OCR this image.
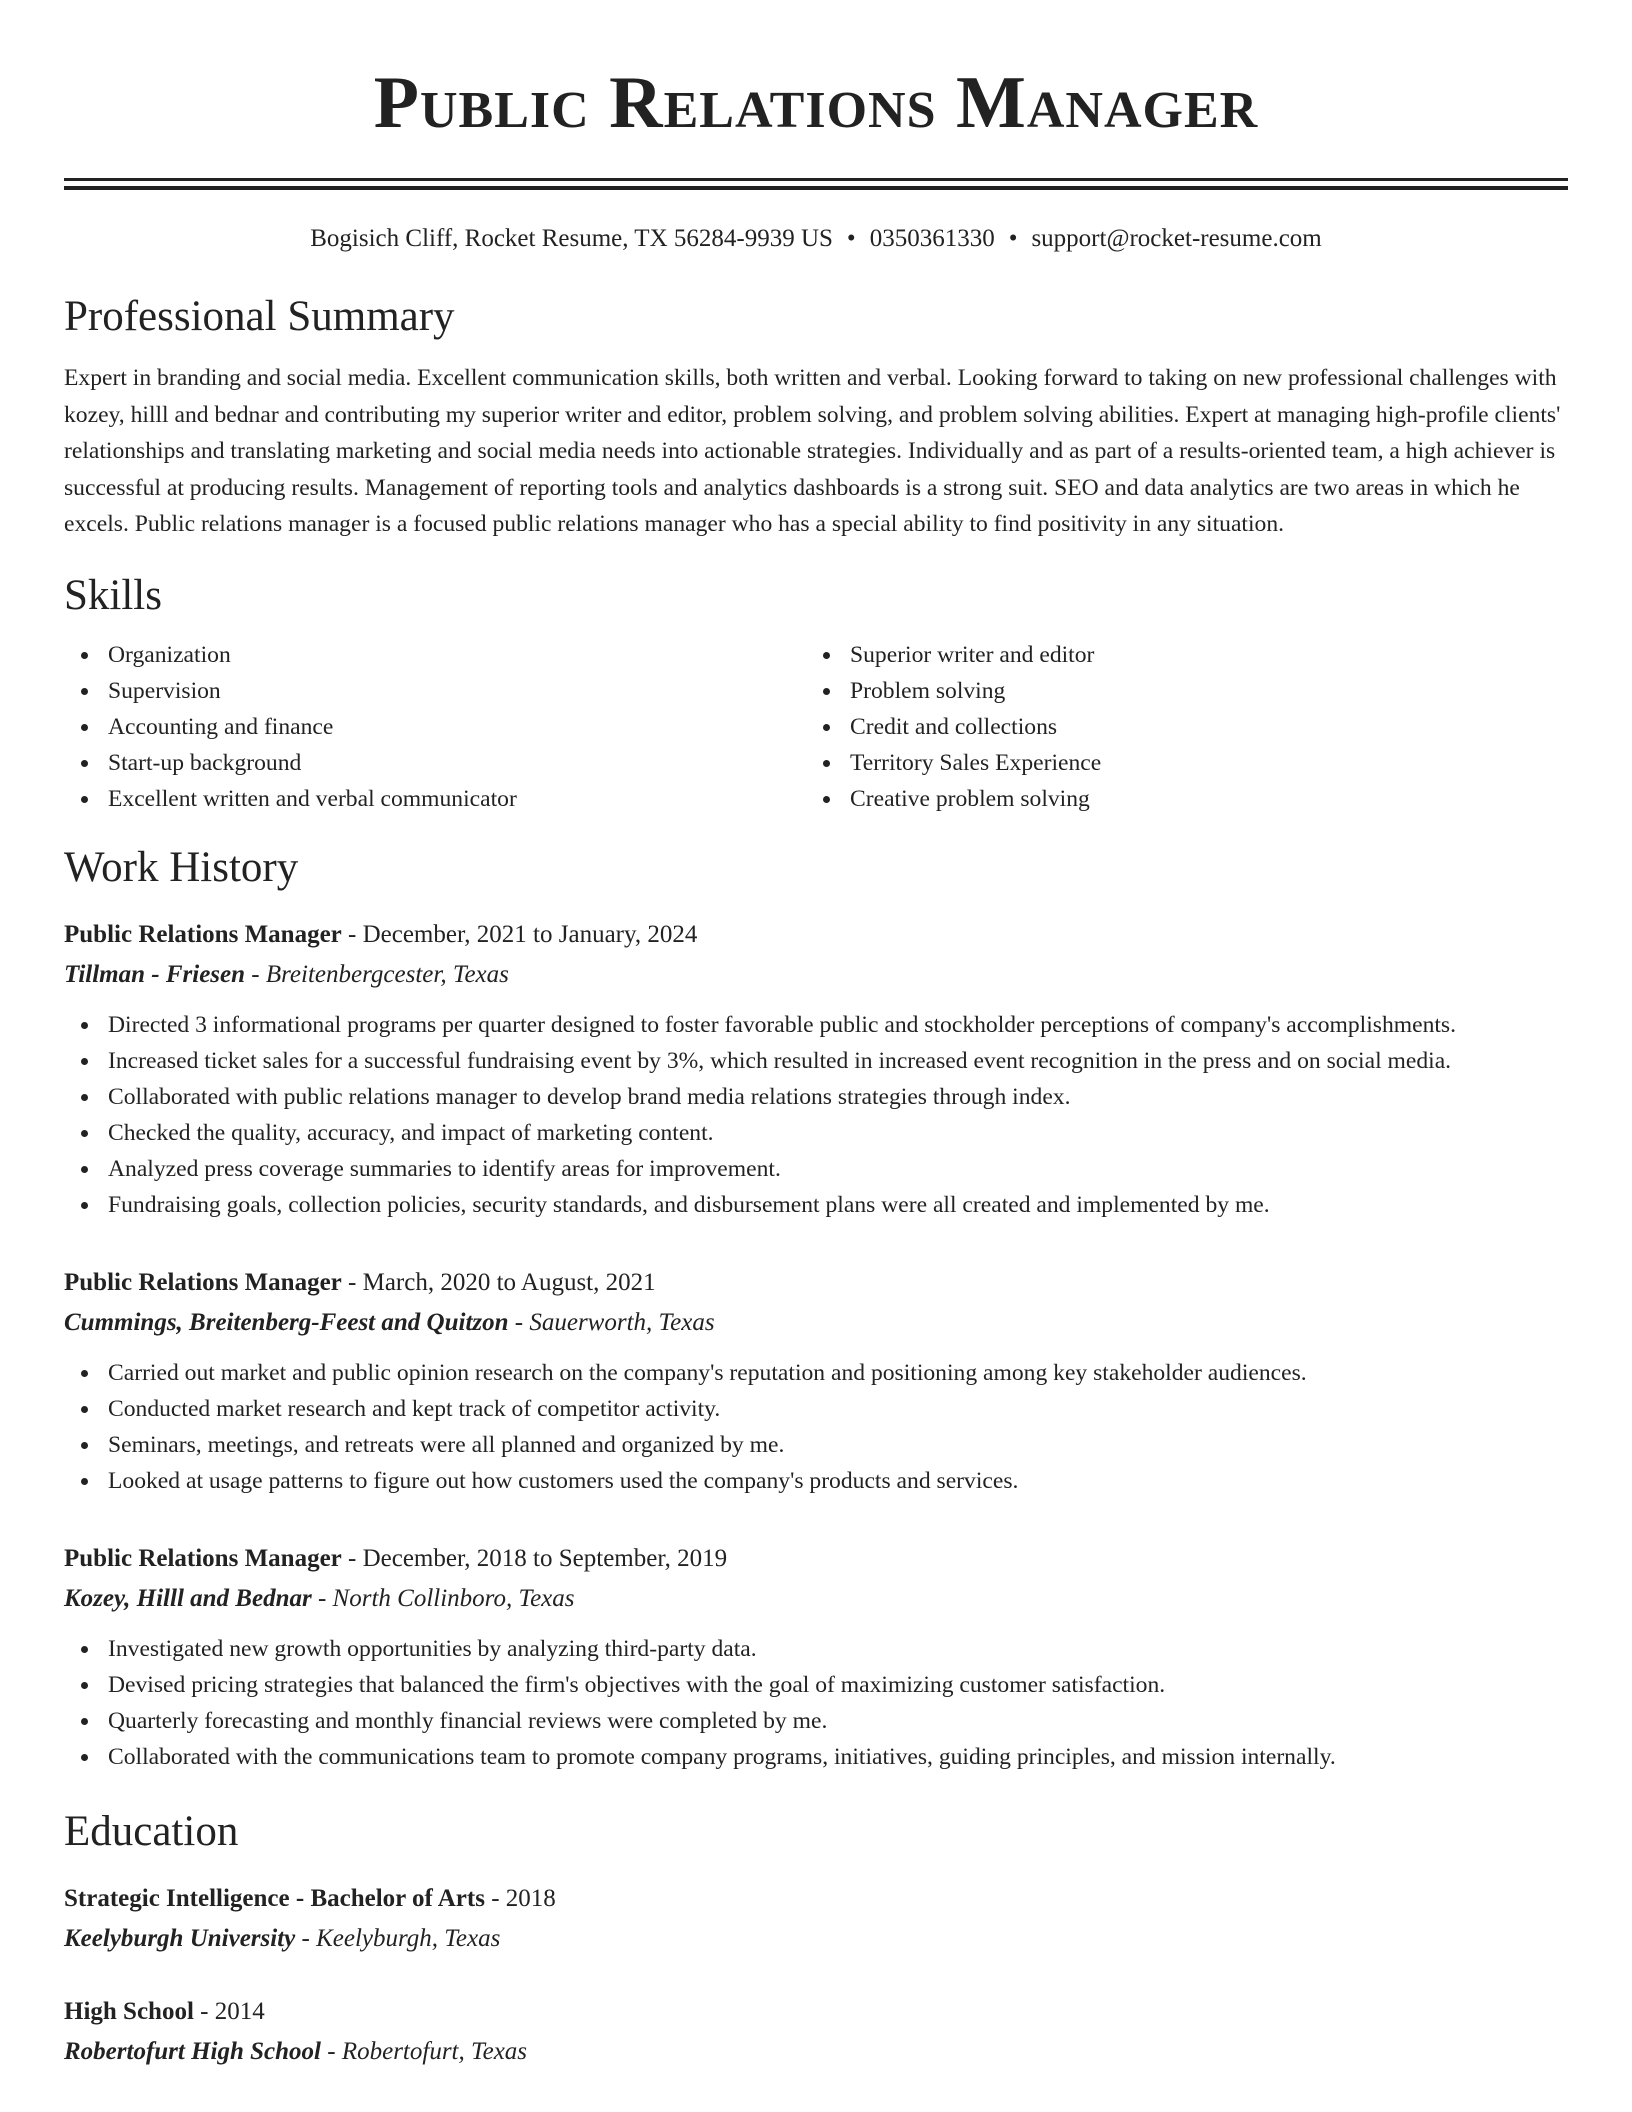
Public Relations Manager
Bogisich Cliff, Rocket Resume, TX 56284-9939 US • 0350361330 • support@rocket-resume.com
Professional Summary

Expert in branding and social media. Excellent communication skills, both written and verbal. Looking forward to taking on new professional challenges with kozey, hilll and bednar and contributing my superior writer and editor, problem solving, and problem solving abilities. Expert at managing high-profile clients' relationships and translating marketing and social media needs into actionable strategies. Individually and as part of a results-oriented team, a high achiever is successful at producing results. Management of reporting tools and analytics dashboards is a strong suit. SEO and data analytics are two areas in which he excels. Public relations manager is a focused public relations manager who has a special ability to find positivity in any situation.

Skills
Organization
Supervision
Accounting and finance
Start-up background
Excellent written and verbal communicator
Superior writer and editor
Problem solving
Credit and collections
Territory Sales Experience
Creative problem solving
Work History
Public Relations Manager - December, 2021 to January, 2024
Tillman - Friesen - Breitenbergcester, Texas
Directed 3 informational programs per quarter designed to foster favorable public and stockholder perceptions of company's accomplishments.
Increased ticket sales for a successful fundraising event by 3%, which resulted in increased event recognition in the press and on social media.
Collaborated with public relations manager to develop brand media relations strategies through index.
Checked the quality, accuracy, and impact of marketing content.
Analyzed press coverage summaries to identify areas for improvement.
Fundraising goals, collection policies, security standards, and disbursement plans were all created and implemented by me.
Public Relations Manager - March, 2020 to August, 2021
Cummings, Breitenberg-Feest and Quitzon - Sauerworth, Texas
Carried out market and public opinion research on the company's reputation and positioning among key stakeholder audiences.
Conducted market research and kept track of competitor activity.
Seminars, meetings, and retreats were all planned and organized by me.
Looked at usage patterns to figure out how customers used the company's products and services.
Public Relations Manager - December, 2018 to September, 2019
Kozey, Hilll and Bednar - North Collinboro, Texas
Investigated new growth opportunities by analyzing third-party data.
Devised pricing strategies that balanced the firm's objectives with the goal of maximizing customer satisfaction.
Quarterly forecasting and monthly financial reviews were completed by me.
Collaborated with the communications team to promote company programs, initiatives, guiding principles, and mission internally.
Education
Strategic Intelligence - Bachelor of Arts - 2018
Keelyburgh University - Keelyburgh, Texas
High School - 2014
Robertofurt High School - Robertofurt, Texas
